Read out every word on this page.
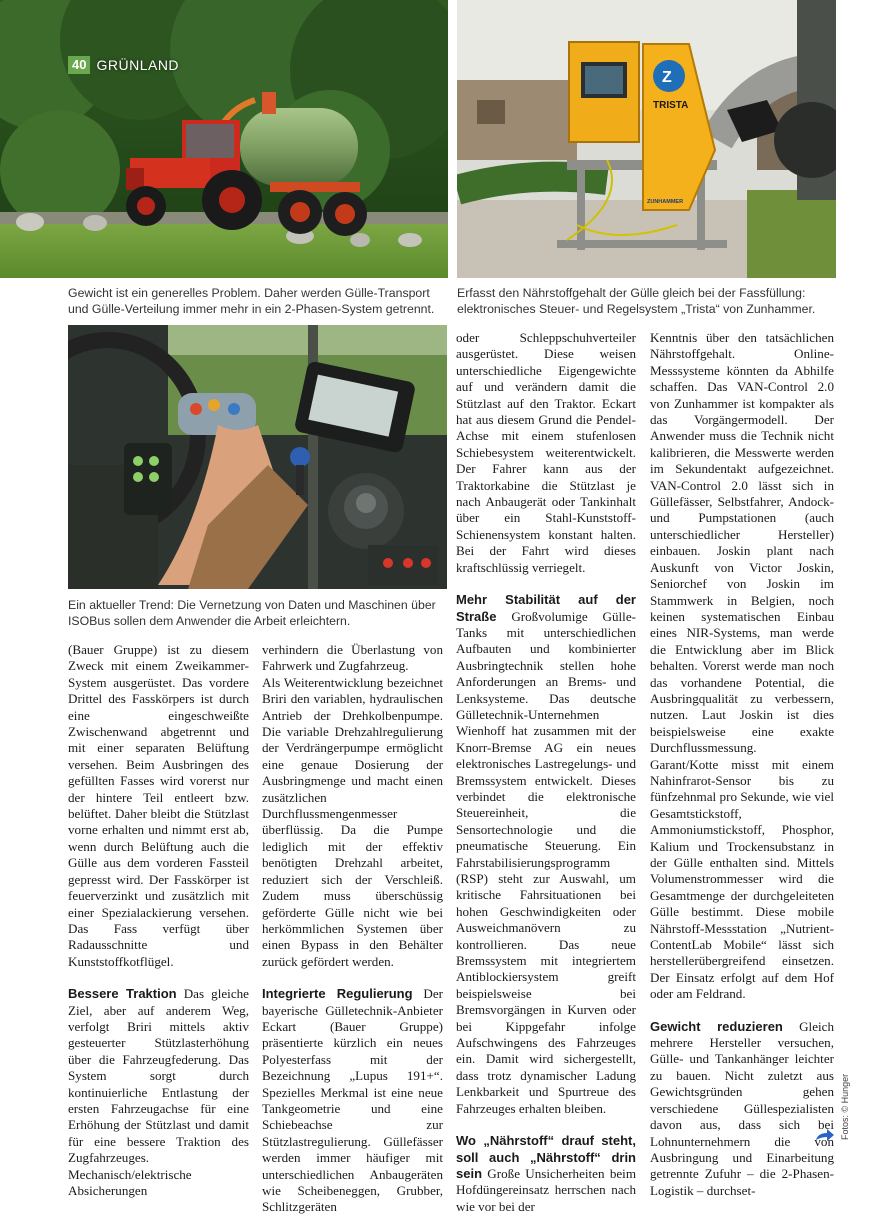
40 GRÜNLAND
Z
TRISTA
ZUNHAMMER
Gewicht ist ein generelles Problem. Daher werden Gülle-Transport und Gülle-Verteilung immer mehr in ein 2-Phasen-System getrennt.
Erfasst den Nährstoffgehalt der Gülle gleich bei der Fassfüllung: elektronisches Steuer- und Regelsystem „Trista“ von Zunhammer.
Ein aktueller Trend: Die Vernetzung von Daten und Maschinen über ISOBus sollen dem Anwender die Arbeit erleichtern.

(Bauer Gruppe) ist zu diesem Zweck mit einem Zweikammer-System ausgerüstet. Das vordere Drittel des Fasskörpers ist durch eine eingeschweißte Zwischenwand abgetrennt und mit einer separaten Belüftung versehen. Beim Ausbringen des gefüllten Fasses wird vorerst nur der hintere Teil entleert bzw. belüftet. Daher bleibt die Stützlast vorne erhalten und nimmt erst ab, wenn durch Belüftung auch die Gülle aus dem vorderen Fassteil gepresst wird. Der Fasskörper ist feuerverzinkt und zusätzlich mit einer Spezialackierung versehen. Das Fass verfügt über Radausschnitte und Kunststoffkotflügel.

Bessere Traktion Das gleiche Ziel, aber auf anderem Weg, verfolgt Briri mittels aktiv gesteuerter Stützlasterhöhung über die Fahrzeugfederung. Das System sorgt durch kontinuierliche Entlastung der ersten Fahrzeugachse für eine Erhöhung der Stützlast und damit für eine bessere Traktion des Zugfahrzeuges. Mechanisch/elektrische Absicherungen

verhindern die Überlastung von Fahrwerk und Zugfahrzeug.

Als Weiterentwicklung bezeichnet Briri den variablen, hydraulischen Antrieb der Drehkolbenpumpe. Die variable Drehzahlregulierung der Verdrängerpumpe ermöglicht eine genaue Dosierung der Ausbringmenge und macht einen zusätzlichen Durchflussmengenmesser überflüssig. Da die Pumpe lediglich mit der effektiv benötigten Drehzahl arbeitet, reduziert sich der Verschleiß. Zudem muss überschüssig geförderte Gülle nicht wie bei herkömmlichen Systemen über einen Bypass in den Behälter zurück gefördert werden.

Integrierte Regulierung Der bayerische Gülletechnik-Anbieter Eckart (Bauer Gruppe) präsentierte kürzlich ein neues Polyesterfass mit der Bezeichnung „Lupus 191+“. Spezielles Merkmal ist eine neue Tankgeometrie und eine Schiebeachse zur Stützlastregulierung. Güllefässer werden immer häufiger mit unterschiedlichen Anbaugeräten wie Scheibeneggen, Grubber, Schlitzgeräten

oder Schleppschuhverteiler ausgerüstet. Diese weisen unterschiedliche Eigengewichte auf und verändern damit die Stützlast auf den Traktor. Eckart hat aus diesem Grund die Pendel-Achse mit einem stufenlosen Schiebesystem weiterentwickelt. Der Fahrer kann aus der Traktorkabine die Stützlast je nach Anbaugerät oder Tankinhalt über ein Stahl-Kunststoff-Schienensystem konstant halten. Bei der Fahrt wird dieses kraftschlüssig verriegelt.

Mehr Stabilität auf der Straße Großvolumige Gülle-Tanks mit unterschiedlichen Aufbauten und kombinierter Ausbringtechnik stellen hohe Anforderungen an Brems- und Lenksysteme. Das deutsche Gülletechnik-Unternehmen Wienhoff hat zusammen mit der Knorr-Bremse AG ein neues elektronisches Lastregelungs- und Bremssystem entwickelt. Dieses verbindet die elektronische Steuereinheit, die Sensortechnologie und die pneumatische Steuerung. Ein Fahrstabilisierungsprogramm (RSP) steht zur Auswahl, um kritische Fahrsituationen bei hohen Geschwindigkeiten oder Ausweichmanövern zu kontrollieren. Das neue Bremssystem mit integriertem Antiblockiersystem greift beispielsweise bei Bremsvorgängen in Kurven oder bei Kippgefahr infolge Aufschwingens des Fahrzeuges ein. Damit wird sichergestellt, dass trotz dynamischer Ladung Lenkbarkeit und Spurtreue des Fahrzeuges erhalten bleiben.

Wo „Nährstoff“ drauf steht, soll auch „Nährstoff“ drin sein Große Unsicherheiten beim Hofdüngereinsatz herrschen nach wie vor bei der

Kenntnis über den tatsächlichen Nährstoffgehalt. Online-Messsysteme könnten da Abhilfe schaffen. Das VAN-Control 2.0 von Zunhammer ist kompakter als das Vorgängermodell. Der Anwender muss die Technik nicht kalibrieren, die Messwerte werden im Sekundentakt aufgezeichnet. VAN-Control 2.0 lässt sich in Güllefässer, Selbstfahrer, Andock- und Pumpstationen (auch unterschiedlicher Hersteller) einbauen. Joskin plant nach Auskunft von Victor Joskin, Seniorchef von Joskin im Stammwerk in Belgien, noch keinen systematischen Einbau eines NIR-Systems, man werde die Entwicklung aber im Blick behalten. Vorerst werde man noch das vorhandene Potential, die Ausbringqualität zu verbessern, nutzen. Laut Joskin ist dies beispielsweise eine exakte Durchflussmessung.

Garant/Kotte misst mit einem Nahinfrarot-Sensor bis zu fünfzehnmal pro Sekunde, wie viel Gesamtstickstoff, Ammoniumstickstoff, Phosphor, Kalium und Trockensubstanz in der Gülle enthalten sind. Mittels Volumenstrommesser wird die Gesamtmenge der durchgeleiteten Gülle bestimmt. Diese mobile Nährstoff-Messstation „Nutrient-ContentLab Mobile“ lässt sich herstellerübergreifend einsetzen. Der Einsatz erfolgt auf dem Hof oder am Feldrand.

Gewicht reduzieren Gleich mehrere Hersteller versuchen, Gülle- und Tankanhänger leichter zu bauen. Nicht zuletzt aus Gewichtsgründen gehen verschiedene Güllespezialisten davon aus, dass sich bei Lohnunternehmern die von Ausbringung und Einarbeitung getrennte Zufuhr – die 2-Phasen-Logistik – durchset-

Fotos: © Hunger
